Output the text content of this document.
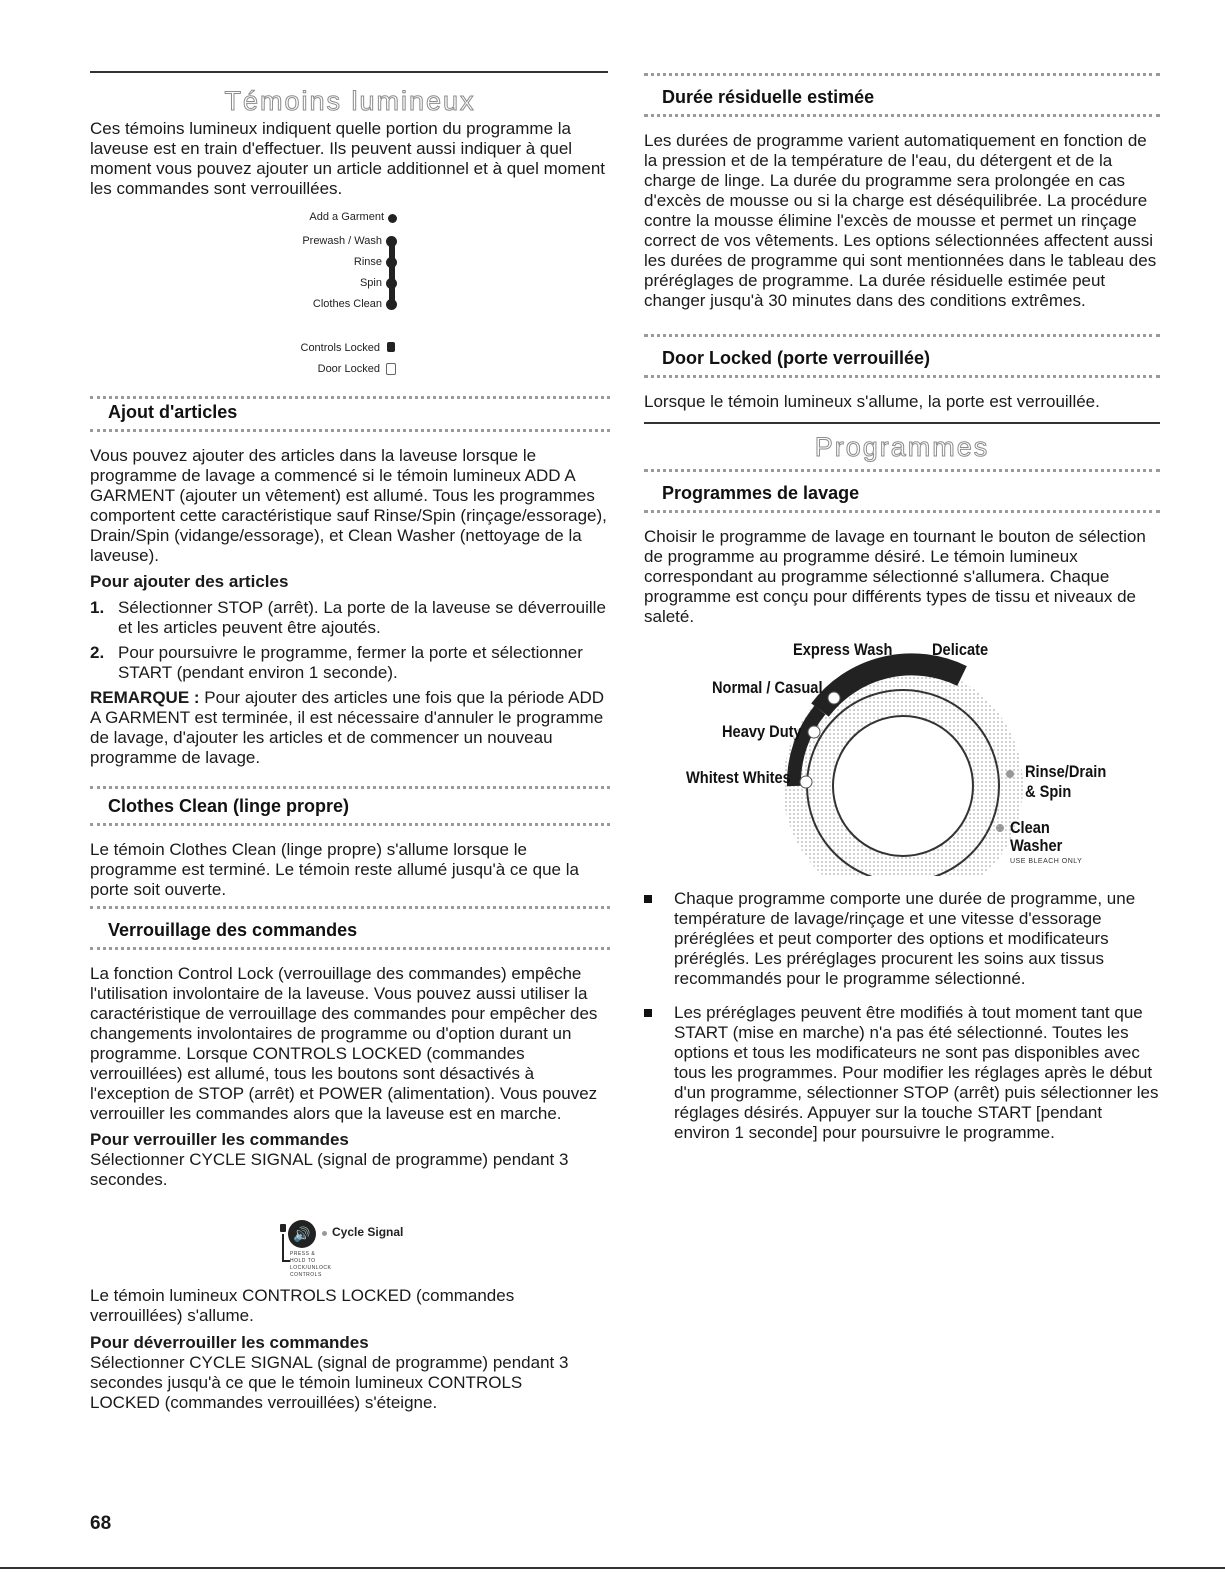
Témoins lumineux

Ces témoins lumineux indiquent quelle portion du programme la laveuse est en train d'effectuer. Ils peuvent aussi indiquer à quel moment vous pouvez ajouter un article additionnel et à quel moment les commandes sont verrouillées.

Add a Garment
Prewash / Wash
Rinse
Spin
Clothes Clean
Controls Locked
Door Locked
Ajout d'articles

Vous pouvez ajouter des articles dans la laveuse lorsque le programme de lavage a commencé si le témoin lumineux ADD A GARMENT (ajouter un vêtement) est allumé. Tous les programmes comportent cette caractéristique sauf Rinse/Spin (rinçage/essorage), Drain/Spin (vidange/essorage), et Clean Washer (nettoyage de la laveuse).

Pour ajouter des articles
1. Sélectionner STOP (arrêt). La porte de la laveuse se déverrouille et les articles peuvent être ajoutés.
2. Pour poursuivre le programme, fermer la porte et sélectionner START (pendant environ 1 seconde).

REMARQUE : Pour ajouter des articles une fois que la période ADD A GARMENT est terminée, il est nécessaire d'annuler le programme de lavage, d'ajouter les articles et de commencer un nouveau programme de lavage.

Clothes Clean (linge propre)

Le témoin Clothes Clean (linge propre) s'allume lorsque le programme est terminé. Le témoin reste allumé jusqu'à ce que la porte soit ouverte.

Verrouillage des commandes

La fonction Control Lock (verrouillage des commandes) empêche l'utilisation involontaire de la laveuse. Vous pouvez aussi utiliser la caractéristique de verrouillage des commandes pour empêcher des changements involontaires de programme ou d'option durant un programme. Lorsque CONTROLS LOCKED (commandes verrouillées) est allumé, tous les boutons sont désactivés à l'exception de STOP (arrêt) et POWER (alimentation). Vous pouvez verrouiller les commandes alors que la laveuse est en marche.

Pour verrouiller les commandes

Sélectionner CYCLE SIGNAL (signal de programme) pendant 3 secondes.

🔊	Cycle Signal
PRESS & HOLD TO LOCK/UNLOCK CONTROLS

Le témoin lumineux CONTROLS LOCKED (commandes verrouillées) s'allume.

Pour déverrouiller les commandes

Sélectionner CYCLE SIGNAL (signal de programme) pendant 3 secondes jusqu'à ce que le témoin lumineux CONTROLS LOCKED (commandes verrouillées) s'éteigne.

Durée résiduelle estimée

Les durées de programme varient automatiquement en fonction de la pression et de la température de l'eau, du détergent et de la charge de linge. La durée du programme sera prolongée en cas d'excès de mousse ou si la charge est déséquilibrée. La procédure contre la mousse élimine l'excès de mousse et permet un rinçage correct de vos vêtements. Les options sélectionnées affectent aussi les durées de programme qui sont mentionnées dans le tableau des préréglages de programme. La durée résiduelle estimée peut changer jusqu'à 30 minutes dans des conditions extrêmes.

Door Locked (porte verrouillée)

Lorsque le témoin lumineux s'allume, la porte est verrouillée.

Programmes
Programmes de lavage

Choisir le programme de lavage en tournant le bouton de sélection de programme au programme désiré. Le témoin lumineux correspondant au programme sélectionné s'allumera. Chaque programme est conçu pour différents types de tissu et niveaux de saleté.

Express Wash Delicate
Normal / Casual
Heavy Duty
Whitest Whites	Rinse/Drain
& Spin
Clean
Washer
USE BLEACH ONLY
Chaque programme comporte une durée de programme, une température de lavage/rinçage et une vitesse d'essorage préréglées et peut comporter des options et modificateurs préréglés. Les préréglages procurent les soins aux tissus recommandés pour le programme sélectionné.
Les préréglages peuvent être modifiés à tout moment tant que START (mise en marche) n'a pas été sélectionné. Toutes les options et tous les modificateurs ne sont pas disponibles avec tous les programmes. Pour modifier les réglages après le début d'un programme, sélectionner STOP (arrêt) puis sélectionner les réglages désirés. Appuyer sur la touche START [pendant environ 1 seconde] pour poursuivre le programme.
68
